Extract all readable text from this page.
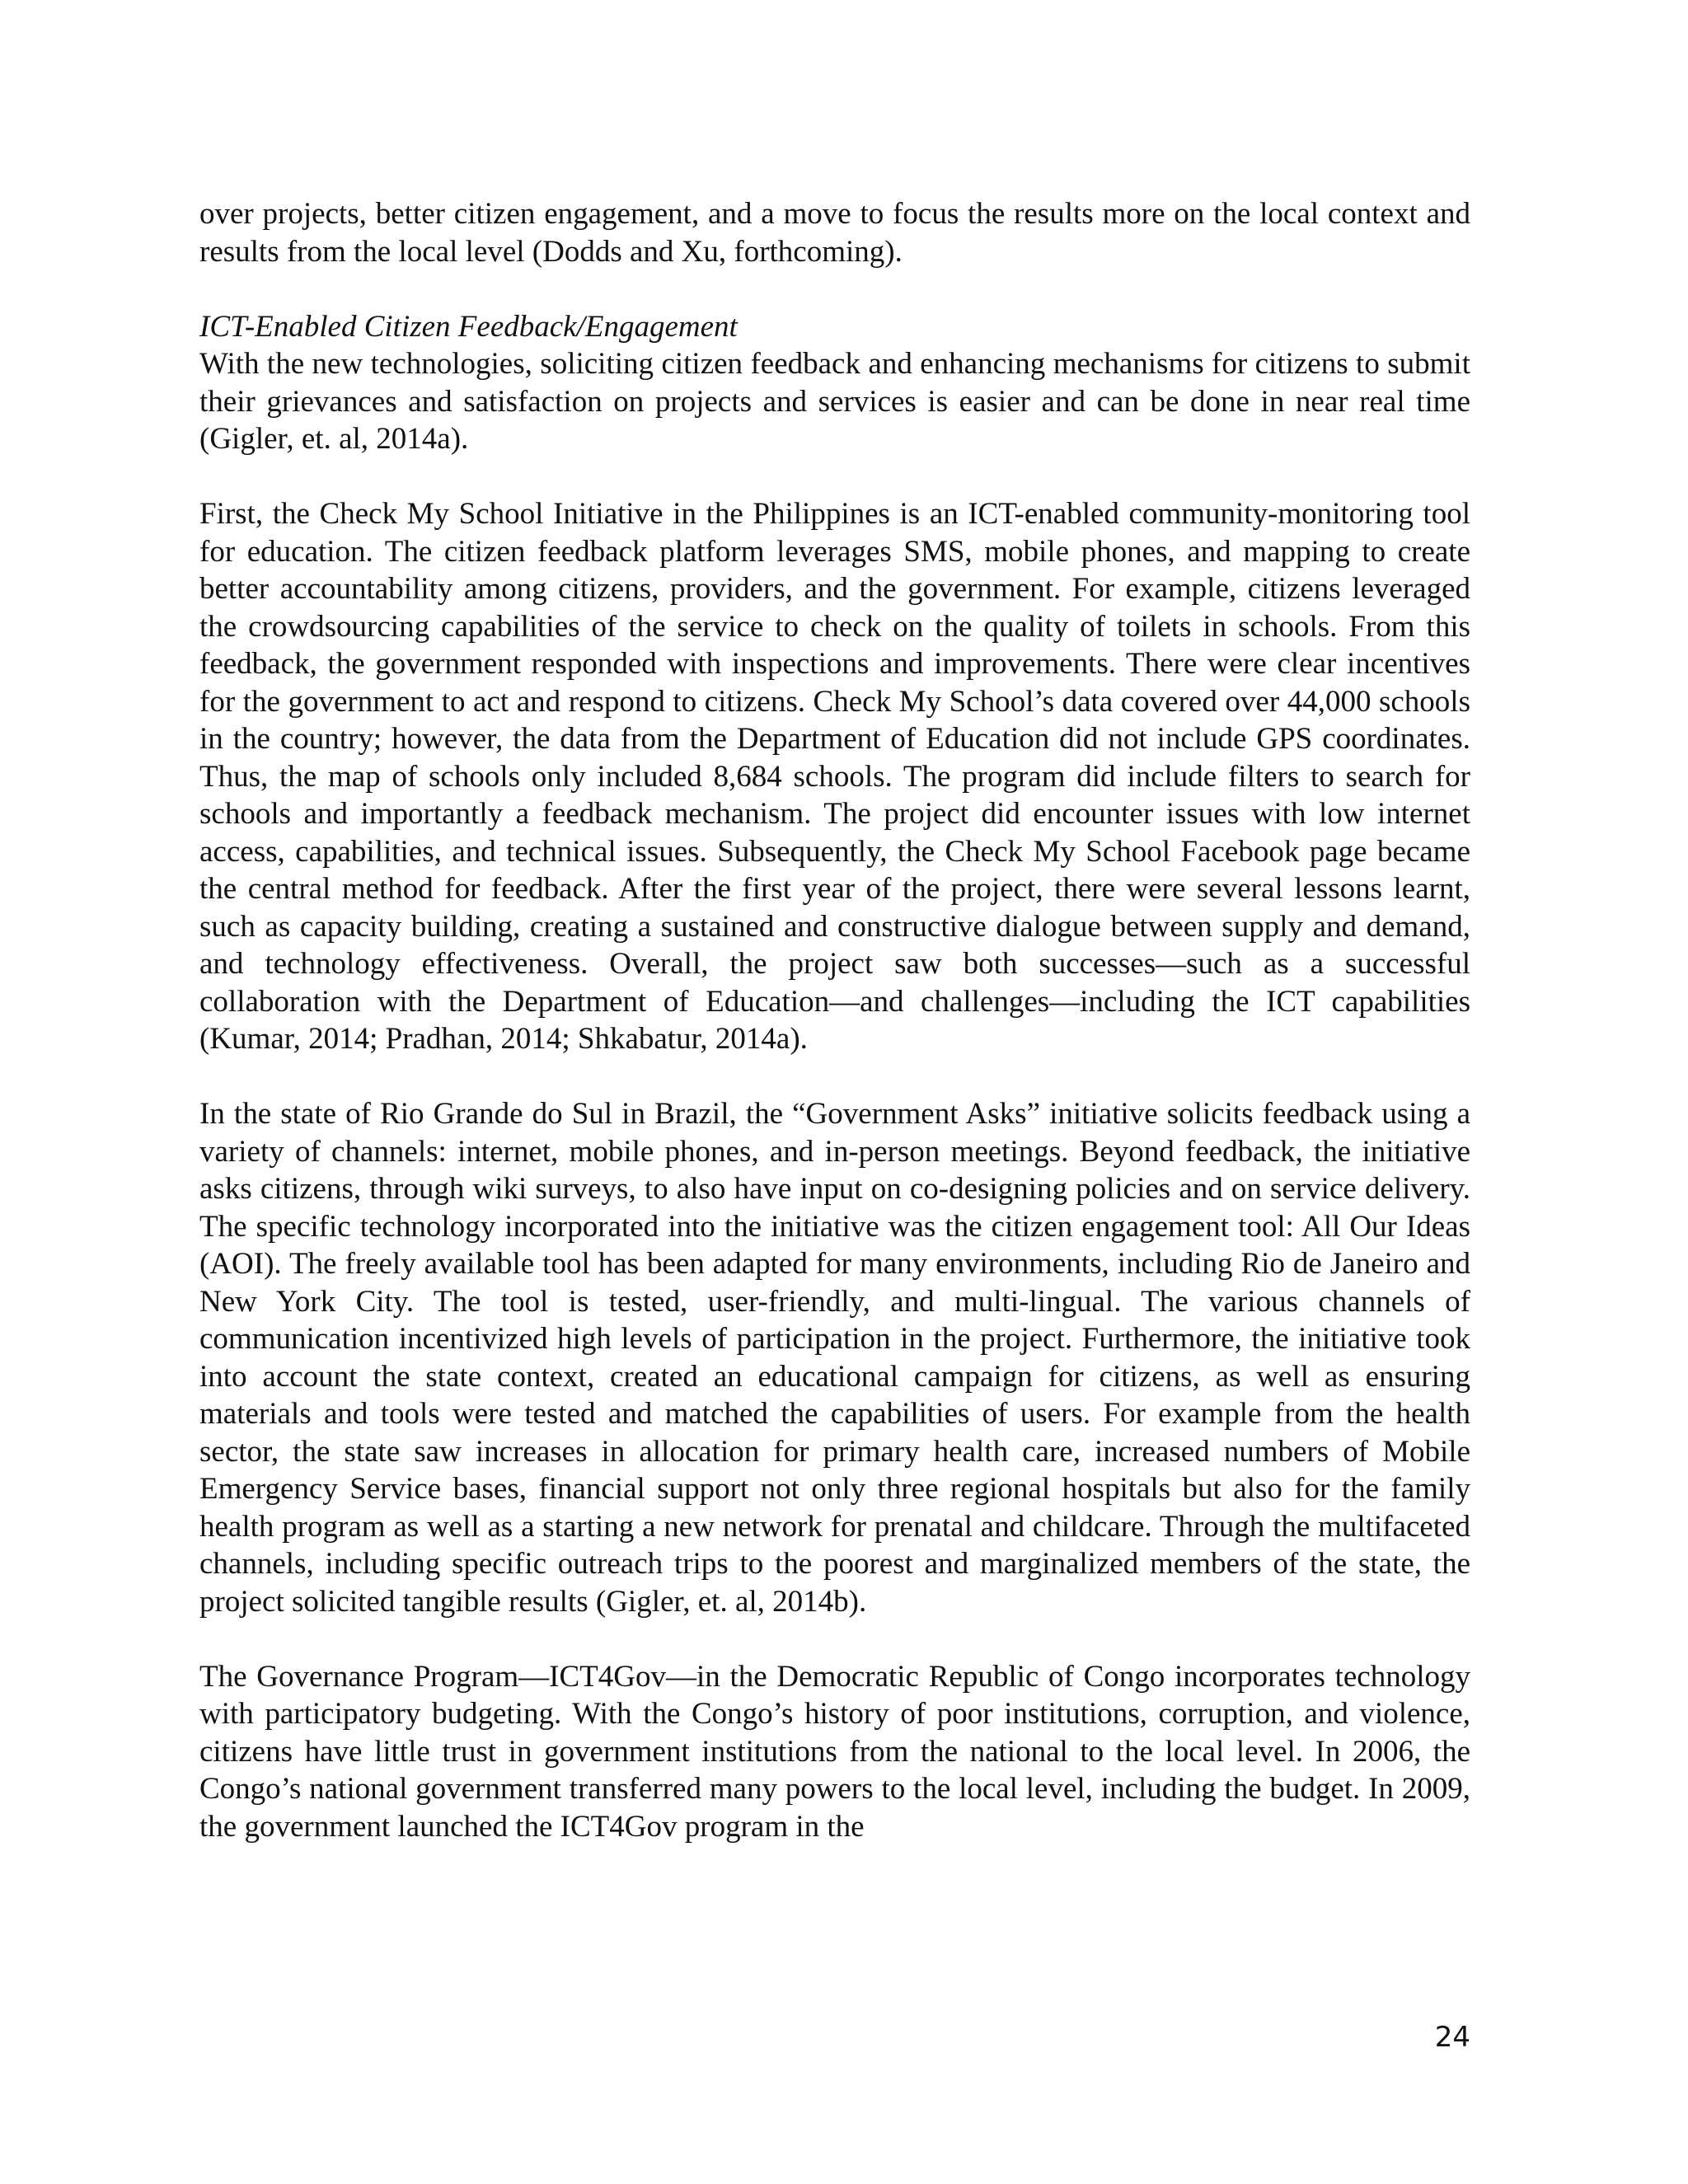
over projects, better citizen engagement, and a move to focus the results more on the local context and results from the local level (Dodds and Xu, forthcoming).

ICT-Enabled Citizen Feedback/Engagement

With the new technologies, soliciting citizen feedback and enhancing mechanisms for citizens to submit their grievances and satisfaction on projects and services is easier and can be done in near real time (Gigler, et. al, 2014a).

First, the Check My School Initiative in the Philippines is an ICT-enabled community-monitoring tool for education. The citizen feedback platform leverages SMS, mobile phones, and mapping to create better accountability among citizens, providers, and the government. For example, citizens leveraged the crowdsourcing capabilities of the service to check on the quality of toilets in schools. From this feedback, the government responded with inspections and improvements. There were clear incentives for the government to act and respond to citizens. Check My School’s data covered over 44,000 schools in the country; however, the data from the Department of Education did not include GPS coordinates. Thus, the map of schools only included 8,684 schools. The program did include filters to search for schools and importantly a feedback mechanism. The project did encounter issues with low internet access, capabilities, and technical issues. Subsequently, the Check My School Facebook page became the central method for feedback. After the first year of the project, there were several lessons learnt, such as capacity building, creating a sustained and constructive dialogue between supply and demand, and technology effectiveness. Overall, the project saw both successes—such as a successful collaboration with the Department of Education—and challenges—including the ICT capabilities (Kumar, 2014; Pradhan, 2014; Shkabatur, 2014a).

In the state of Rio Grande do Sul in Brazil, the “Government Asks” initiative solicits feedback using a variety of channels: internet, mobile phones, and in-person meetings. Beyond feedback, the initiative asks citizens, through wiki surveys, to also have input on co-designing policies and on service delivery. The specific technology incorporated into the initiative was the citizen engagement tool: All Our Ideas (AOI). The freely available tool has been adapted for many environments, including Rio de Janeiro and New York City. The tool is tested, user-friendly, and multi-lingual. The various channels of communication incentivized high levels of participation in the project. Furthermore, the initiative took into account the state context, created an educational campaign for citizens, as well as ensuring materials and tools were tested and matched the capabilities of users. For example from the health sector, the state saw increases in allocation for primary health care, increased numbers of Mobile Emergency Service bases, financial support not only three regional hospitals but also for the family health program as well as a starting a new network for prenatal and childcare. Through the multifaceted channels, including specific outreach trips to the poorest and marginalized members of the state, the project solicited tangible results (Gigler, et. al, 2014b).

The Governance Program—ICT4Gov—in the Democratic Republic of Congo incorporates technology with participatory budgeting. With the Congo’s history of poor institutions, corruption, and violence, citizens have little trust in government institutions from the national to the local level. In 2006, the Congo’s national government transferred many powers to the local level, including the budget. In 2009, the government launched the ICT4Gov program in the

24
